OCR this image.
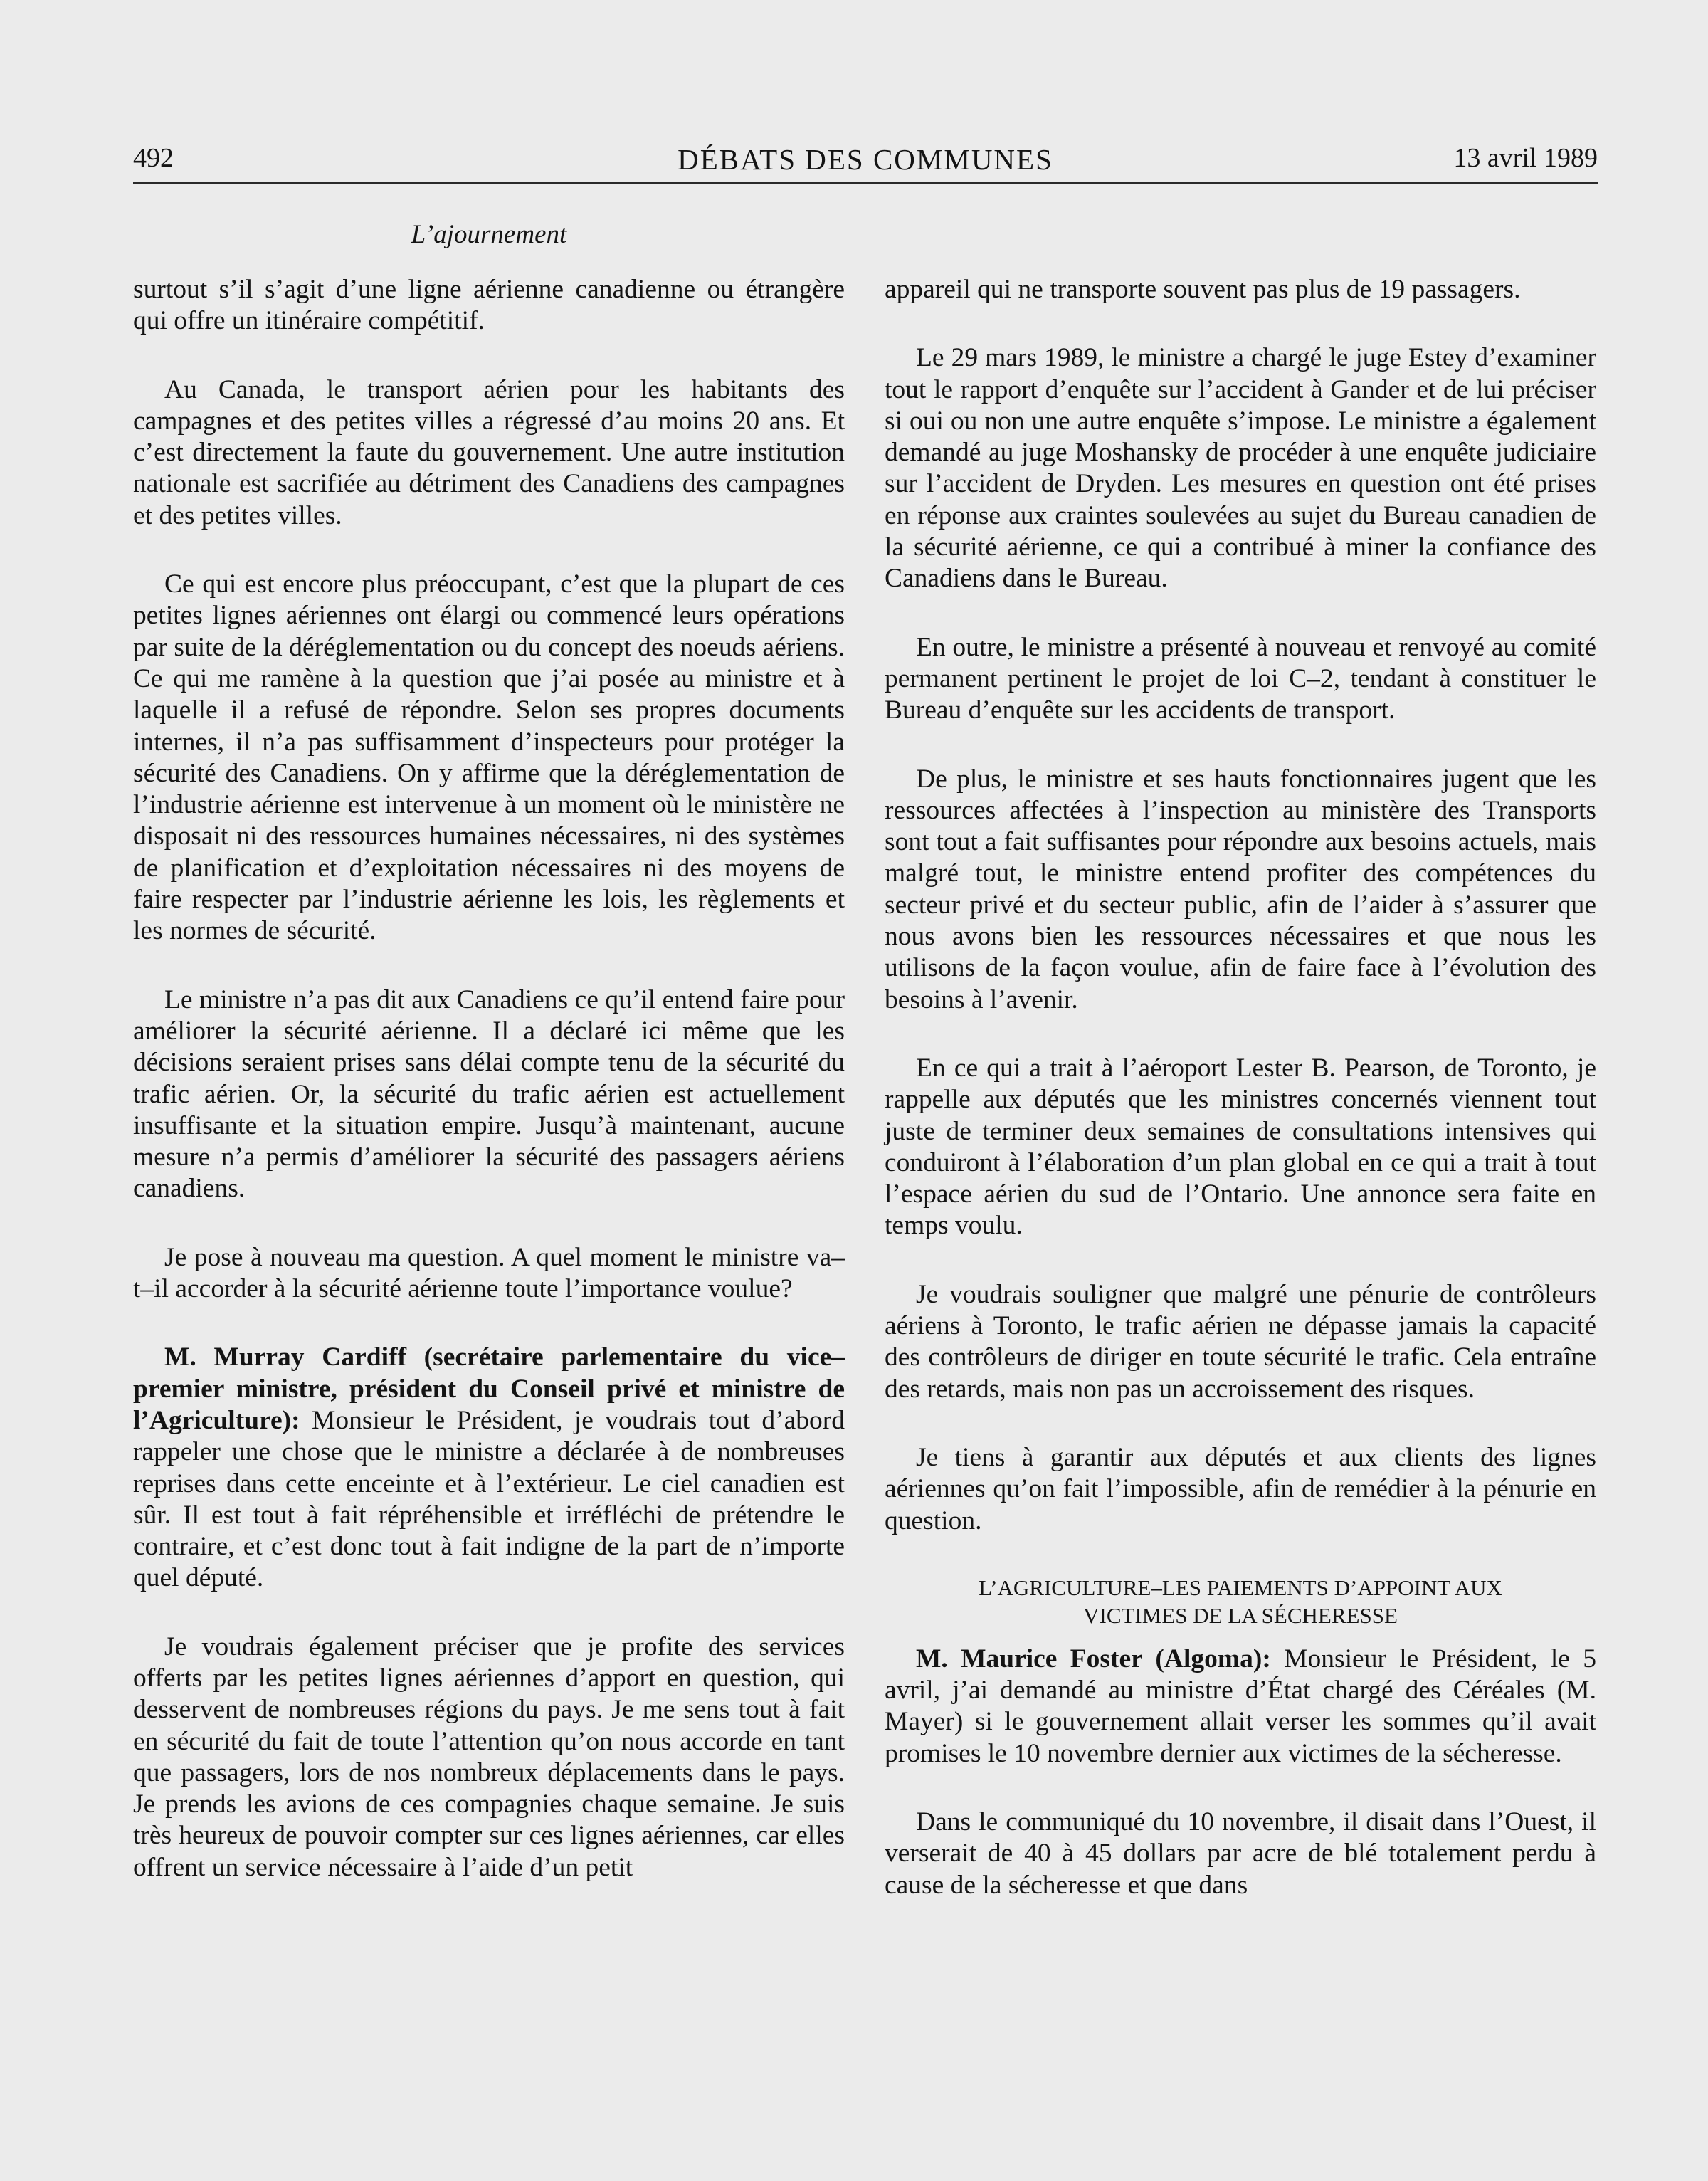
492	DÉBATS DES COMMUNES	13 avril 1989
L’ajournement

surtout s’il s’agit d’une ligne aérienne canadienne ou étrangère qui offre un itinéraire compétitif.

Au Canada, le transport aérien pour les habitants des campagnes et des petites villes a régressé d’au moins 20 ans. Et c’est directement la faute du gouvernement. Une autre institution nationale est sacrifiée au détriment des Canadiens des campagnes et des petites villes.

Ce qui est encore plus préoccupant, c’est que la plupart de ces petites lignes aériennes ont élargi ou commencé leurs opérations par suite de la déréglementation ou du concept des noeuds aériens. Ce qui me ramène à la question que j’ai posée au ministre et à laquelle il a refusé de répondre. Selon ses propres documents internes, il n’a pas suffisamment d’inspecteurs pour protéger la sécurité des Canadiens. On y affirme que la déréglementation de l’industrie aérienne est intervenue à un moment où le ministère ne disposait ni des ressources humaines nécessaires, ni des systèmes de planification et d’exploitation nécessaires ni des moyens de faire respecter par l’industrie aérienne les lois, les règlements et les normes de sécurité.

Le ministre n’a pas dit aux Canadiens ce qu’il entend faire pour améliorer la sécurité aérienne. Il a déclaré ici même que les décisions seraient prises sans délai compte tenu de la sécurité du trafic aérien. Or, la sécurité du trafic aérien est actuellement insuffisante et la situation empire. Jusqu’à maintenant, aucune mesure n’a permis d’améliorer la sécurité des passagers aériens canadiens.

Je pose à nouveau ma question. A quel moment le ministre va–t–il accorder à la sécurité aérienne toute l’importance voulue?

M. Murray Cardiff (secrétaire parlementaire du vice–premier ministre, président du Conseil privé et ministre de l’Agriculture): Monsieur le Président, je voudrais tout d’abord rappeler une chose que le ministre a déclarée à de nombreuses reprises dans cette enceinte et à l’extérieur. Le ciel canadien est sûr. Il est tout à fait répréhensible et irréfléchi de prétendre le contraire, et c’est donc tout à fait indigne de la part de n’importe quel député.

Je voudrais également préciser que je profite des services offerts par les petites lignes aériennes d’apport en question, qui desservent de nombreuses régions du pays. Je me sens tout à fait en sécurité du fait de toute l’attention qu’on nous accorde en tant que passagers, lors de nos nombreux déplacements dans le pays. Je prends les avions de ces compagnies chaque semaine. Je suis très heureux de pouvoir compter sur ces lignes aériennes, car elles offrent un service nécessaire à l’aide d’un petit

appareil qui ne transporte souvent pas plus de 19 passagers.

Le 29 mars 1989, le ministre a chargé le juge Estey d’examiner tout le rapport d’enquête sur l’accident à Gander et de lui préciser si oui ou non une autre enquête s’impose. Le ministre a également demandé au juge Moshansky de procéder à une enquête judiciaire sur l’accident de Dryden. Les mesures en question ont été prises en réponse aux craintes soulevées au sujet du Bureau canadien de la sécurité aérienne, ce qui a contribué à miner la confiance des Canadiens dans le Bureau.

En outre, le ministre a présenté à nouveau et renvoyé au comité permanent pertinent le projet de loi C–2, tendant à constituer le Bureau d’enquête sur les accidents de transport.

De plus, le ministre et ses hauts fonctionnaires jugent que les ressources affectées à l’inspection au ministère des Transports sont tout a fait suffisantes pour répondre aux besoins actuels, mais malgré tout, le ministre entend profiter des compétences du secteur privé et du secteur public, afin de l’aider à s’assurer que nous avons bien les ressources nécessaires et que nous les utilisons de la façon voulue, afin de faire face à l’évolution des besoins à l’avenir.

En ce qui a trait à l’aéroport Lester B. Pearson, de Toronto, je rappelle aux députés que les ministres concernés viennent tout juste de terminer deux semaines de consultations intensives qui conduiront à l’élaboration d’un plan global en ce qui a trait à tout l’espace aérien du sud de l’Ontario. Une annonce sera faite en temps voulu.

Je voudrais souligner que malgré une pénurie de contrôleurs aériens à Toronto, le trafic aérien ne dépasse jamais la capacité des contrôleurs de diriger en toute sécurité le trafic. Cela entraîne des retards, mais non pas un accroissement des risques.

Je tiens à garantir aux députés et aux clients des lignes aériennes qu’on fait l’impossible, afin de remédier à la pénurie en question.

L’AGRICULTURE–LES PAIEMENTS D’APPOINT AUX
VICTIMES DE LA SÉCHERESSE

M. Maurice Foster (Algoma): Monsieur le Président, le 5 avril, j’ai demandé au ministre d’État chargé des Céréales (M. Mayer) si le gouvernement allait verser les sommes qu’il avait promises le 10 novembre dernier aux victimes de la sécheresse.

Dans le communiqué du 10 novembre, il disait dans l’Ouest, il verserait de 40 à 45 dollars par acre de blé totalement perdu à cause de la sécheresse et que dans
